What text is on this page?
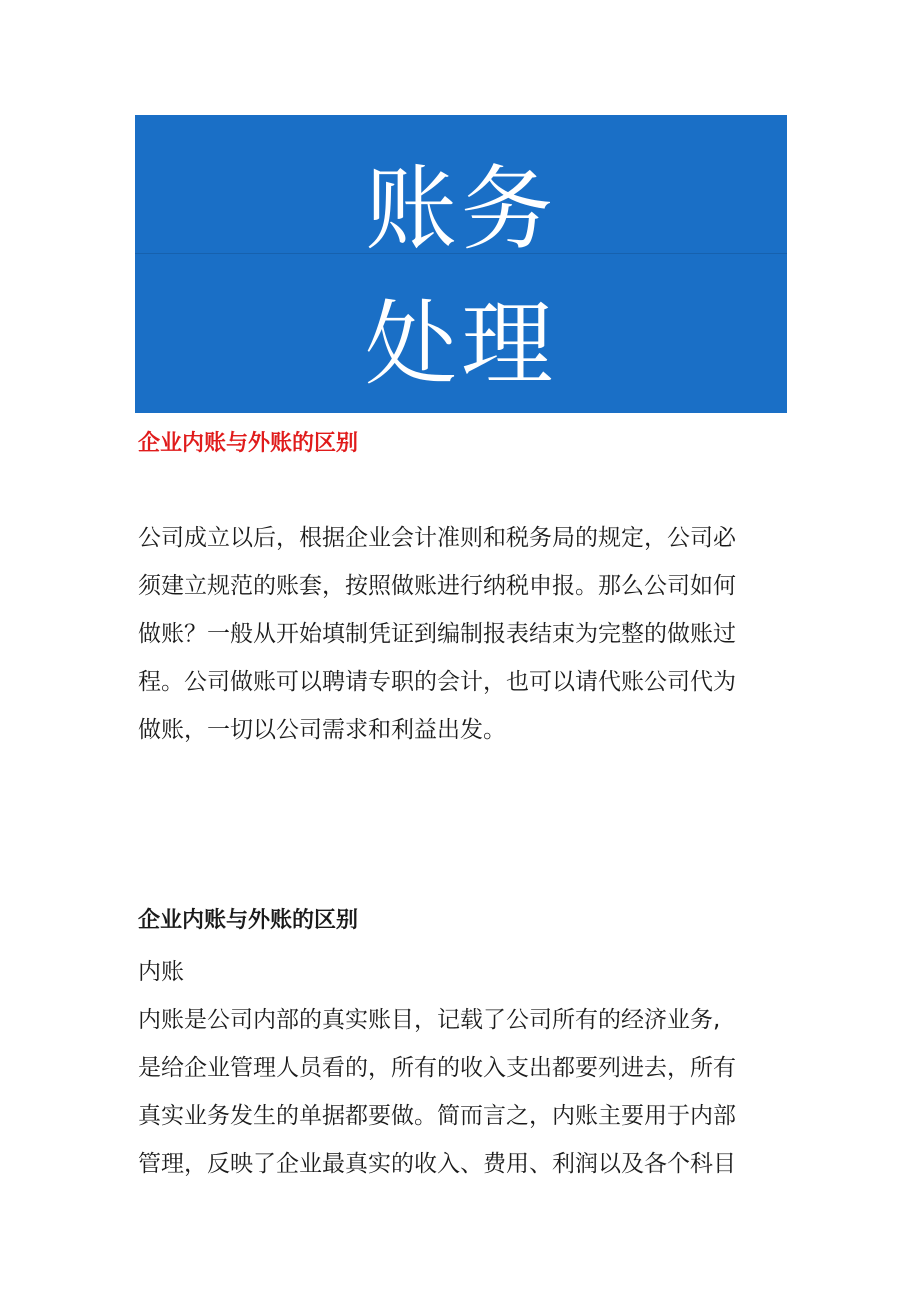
账务
处理
企业内账与外账的区别
公司成立以后，根据企业会计准则和税务局的规定，公司必
须建立规范的账套，按照做账进行纳税申报。那么公司如何
做账？一般从开始填制凭证到编制报表结束为完整的做账过
程。公司做账可以聘请专职的会计，也可以请代账公司代为
做账，一切以公司需求和利益出发。
企业内账与外账的区别
内账
内账是公司内部的真实账目，记载了公司所有的经济业务,
是给企业管理人员看的，所有的收入支出都要列进去，所有
真实业务发生的单据都要做。简而言之，内账主要用于内部
管理，反映了企业最真实的收入、费用、利润以及各个科目
